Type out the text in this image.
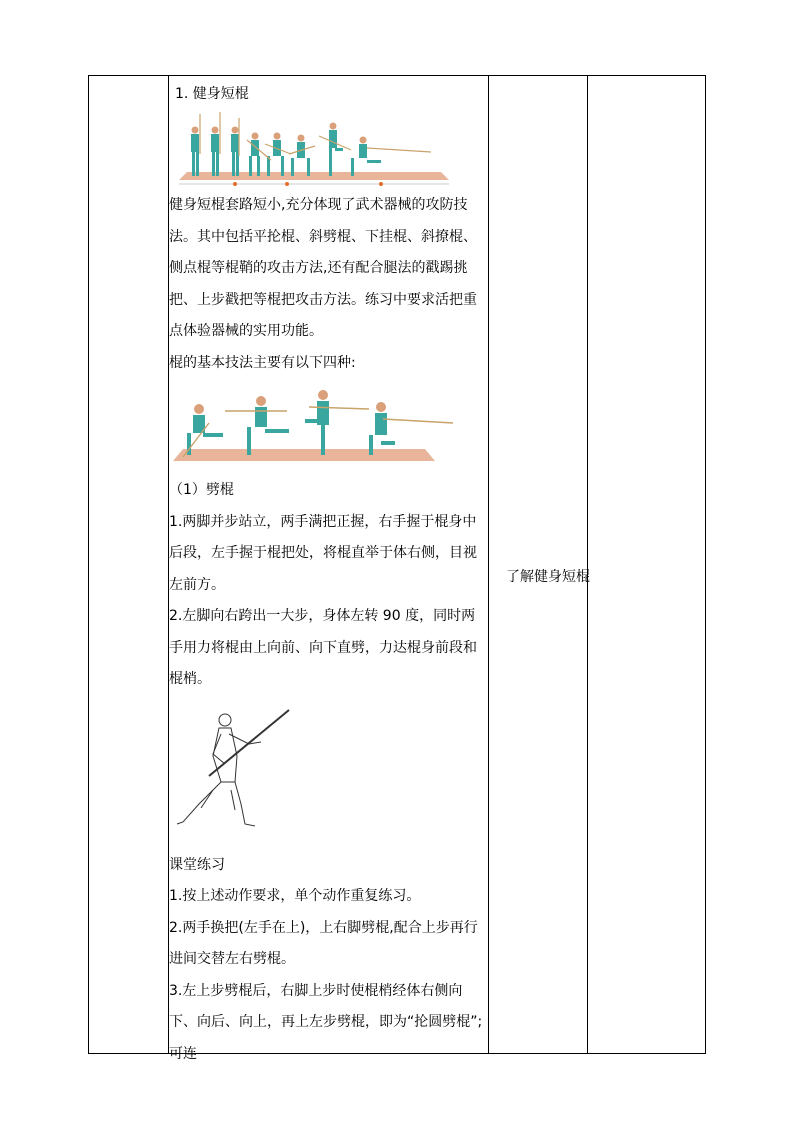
1. 健身短棍

健身短棍套路短小,充分体现了武术器械的攻防技法。其中包括平抡棍、斜劈棍、下挂棍、斜撩棍、侧点棍等棍鞘的攻击方法,还有配合腿法的戳踢挑把、上步戳把等棍把攻击方法。练习中要求活把重点体验器械的实用功能。

棍的基本技法主要有以下四种:

（1）劈棍

1.两脚并步站立，两手满把正握，右手握于棍身中后段，左手握于棍把处，将棍直举于体右侧，目视左前方。

2.左脚向右跨出一大步，身体左转 90 度，同时两手用力将棍由上向前、向下直劈，力达棍身前段和棍梢。

课堂练习

1.按上述动作要求，单个动作重复练习。

2.两手换把(左手在上)，上右脚劈棍,配合上步再行进间交替左右劈棍。

3.左上步劈棍后，右脚上步时使棍梢经体右侧向下、向后、向上，再上左步劈棍，即为“抡圆劈棍”;可连

了解健身短棍
